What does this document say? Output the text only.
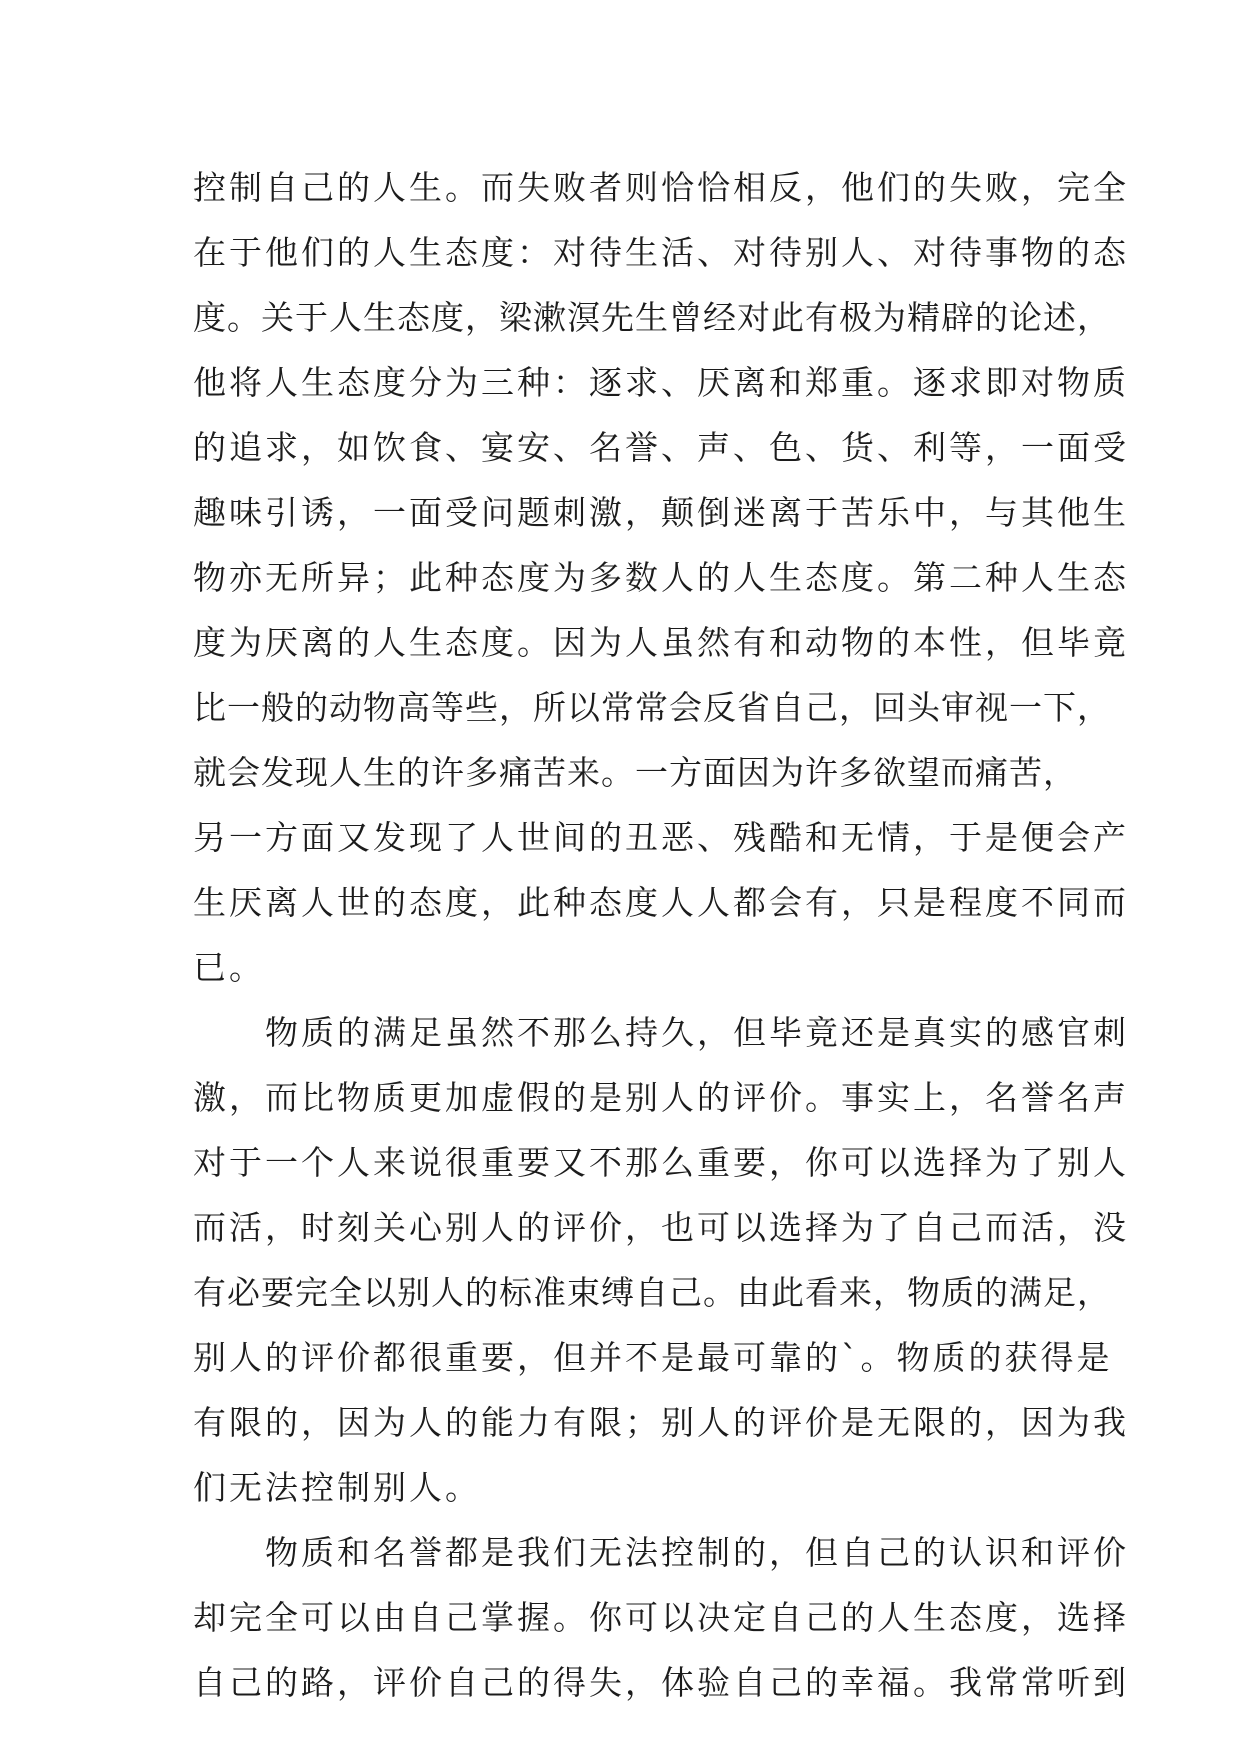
控制自己的人生。而失败者则恰恰相反，他们的失败，完全
在于他们的人生态度：对待生活、对待别人、对待事物的态
度。关于人生态度，梁漱溟先生曾经对此有极为精辟的论述，
他将人生态度分为三种：逐求、厌离和郑重。逐求即对物质
的追求，如饮食、宴安、名誉、声、色、货、利等，一面受
趣味引诱，一面受问题刺激，颠倒迷离于苦乐中，与其他生
物亦无所异；此种态度为多数人的人生态度。第二种人生态
度为厌离的人生态度。因为人虽然有和动物的本性，但毕竟
比一般的动物高等些，所以常常会反省自己，回头审视一下，
就会发现人生的许多痛苦来。一方面因为许多欲望而痛苦，
另一方面又发现了人世间的丑恶、残酷和无情，于是便会产
生厌离人世的态度，此种态度人人都会有，只是程度不同而
已。
　　物质的满足虽然不那么持久，但毕竟还是真实的感官刺
激，而比物质更加虚假的是别人的评价。事实上，名誉名声
对于一个人来说很重要又不那么重要，你可以选择为了别人
而活，时刻关心别人的评价，也可以选择为了自己而活，没
有必要完全以别人的标准束缚自己。由此看来，物质的满足，
别人的评价都很重要，但并不是最可靠的`。物质的获得是
有限的，因为人的能力有限；别人的评价是无限的，因为我
们无法控制别人。
　　物质和名誉都是我们无法控制的，但自己的认识和评价
却完全可以由自己掌握。你可以决定自己的人生态度，选择
自己的路，评价自己的得失，体验自己的幸福。我常常听到
